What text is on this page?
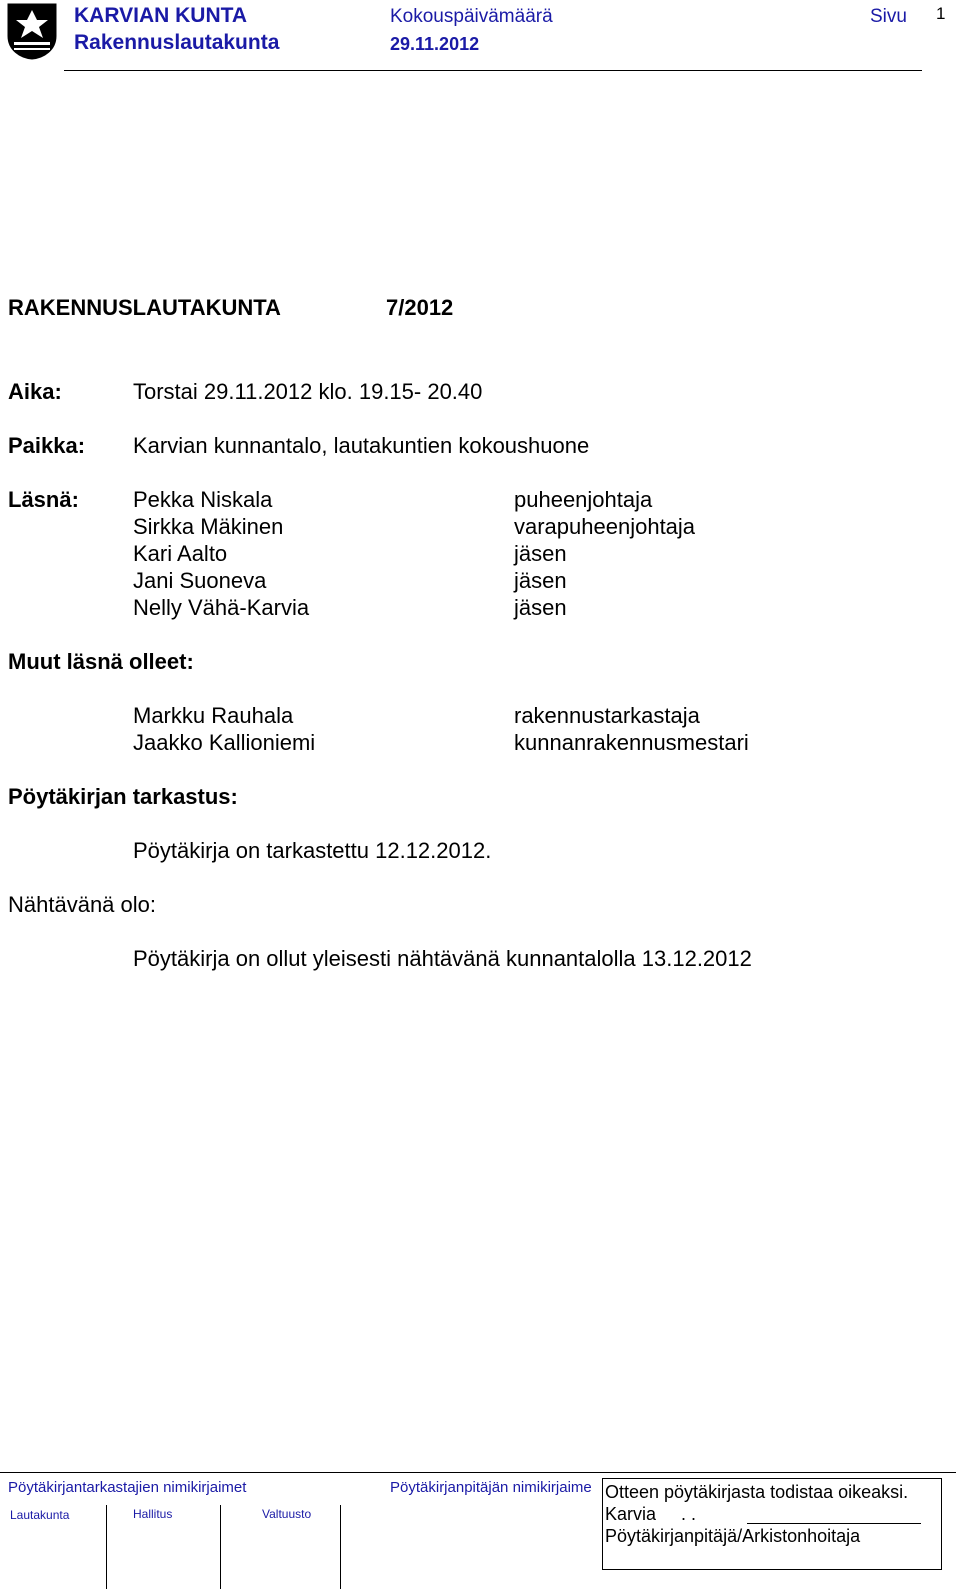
KARVIAN KUNTA
Rakennuslautakunta
Kokouspäivämäärä
29.11.2012
Sivu 1
RAKENNUSLAUTAKUNTA	7/2012
Aika:	Torstai 29.11.2012 klo. 19.15- 20.40
Paikka: Karvian kunnantalo, lautakuntien kokoushuone
Läsnä: Pekka Niskala	puheenjohtaja
Sirkka Mäkinen	varapuheenjohtaja
Kari Aalto	jäsen
Jani Suoneva	jäsen
Nelly Vähä-Karvia	jäsen
Muut läsnä olleet:
Markku Rauhala	rakennustarkastaja
Jaakko Kallioniemi	kunnanrakennusmestari
Pöytäkirjan tarkastus:
Pöytäkirja on tarkastettu 12.12.2012.
Nähtävänä olo:
Pöytäkirja on ollut yleisesti nähtävänä kunnantalolla 13.12.2012
Pöytäkirjantarkastajien nimikirjaimet	Pöytäkirjanpitäjän nimikirjaime
Lautakunta	Hallitus	Valtuusto
Otteen pöytäkirjasta todistaa oikeaksi.
Karvia . .
Pöytäkirjanpitäjä/Arkistonhoitaja
